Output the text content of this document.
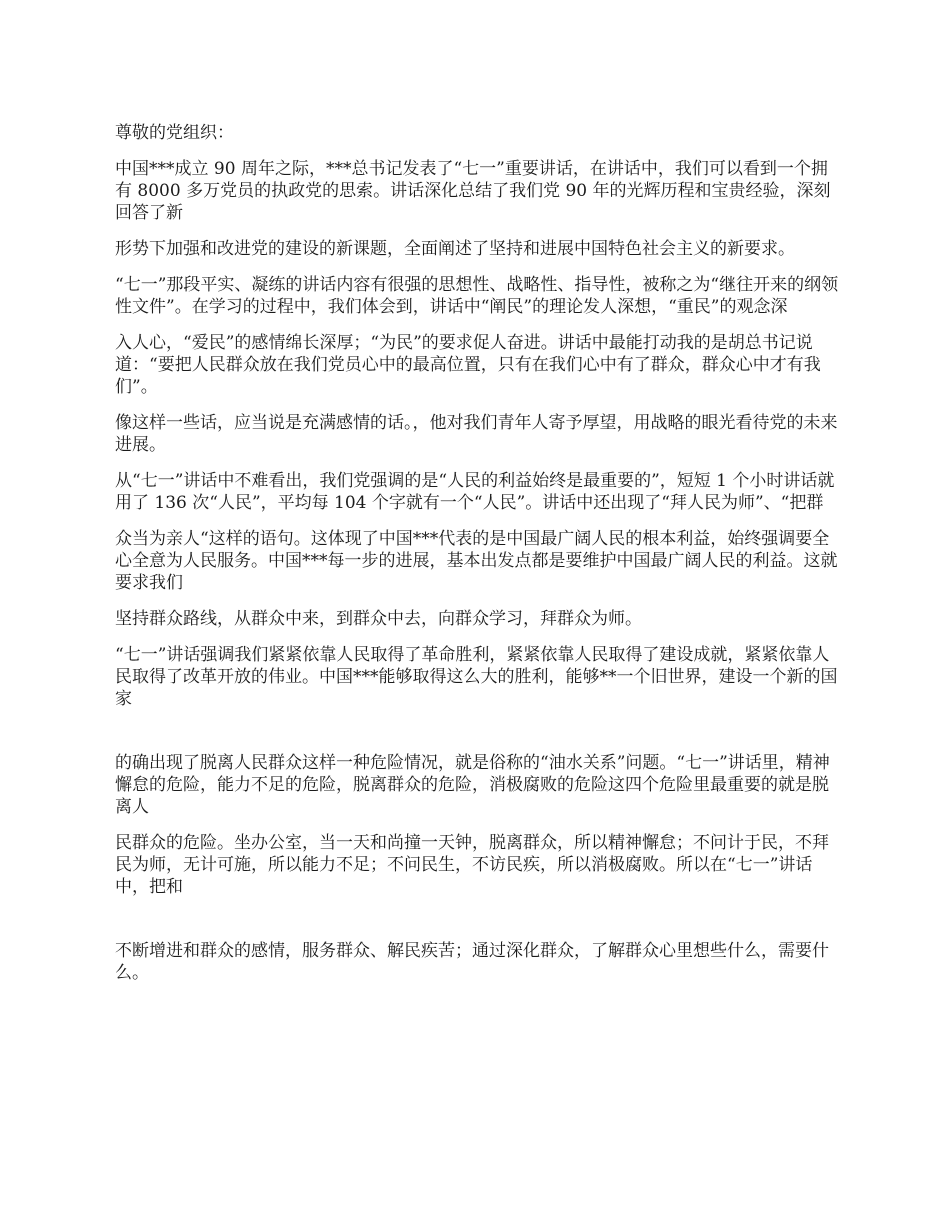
尊敬的党组织：

中国***成立 90 周年之际，***总书记发表了“七一”重要讲话，在讲话中，我们可以看到一个拥有 8000 多万党员的执政党的思索。讲话深化总结了我们党 90 年的光辉历程和宝贵经验，深刻回答了新

形势下加强和改进党的建设的新课题，全面阐述了坚持和进展中国特色社会主义的新要求。

“七一”那段平实、凝练的讲话内容有很强的思想性、战略性、指导性，被称之为“继往开来的纲领性文件”。在学习的过程中，我们体会到，讲话中“阐民”的理论发人深想，“重民”的观念深

入人心，“爱民”的感情绵长深厚；“为民”的要求促人奋进。讲话中最能打动我的是胡总书记说道：“要把人民群众放在我们党员心中的最高位置，只有在我们心中有了群众，群众心中才有我们”。

像这样一些话，应当说是充满感情的话。，他对我们青年人寄予厚望，用战略的眼光看待党的未来进展。

从“七一”讲话中不难看出，我们党强调的是“人民的利益始终是最重要的”，短短 1 个小时讲话就用了 136 次“人民”，平均每 104 个字就有一个“人民”。讲话中还出现了“拜人民为师”、“把群

众当为亲人“这样的语句。这体现了中国***代表的是中国最广阔人民的根本利益，始终强调要全心全意为人民服务。中国***每一步的进展，基本出发点都是要维护中国最广阔人民的利益。这就要求我们

坚持群众路线，从群众中来，到群众中去，向群众学习，拜群众为师。

“七一”讲话强调我们紧紧依靠人民取得了革命胜利，紧紧依靠人民取得了建设成就，紧紧依靠人民取得了改革开放的伟业。中国***能够取得这么大的胜利，能够**一个旧世界，建设一个新的国家

的确出现了脱离人民群众这样一种危险情况，就是俗称的“油水关系”问题。“七一”讲话里，精神懈怠的危险，能力不足的危险，脱离群众的危险，消极腐败的危险这四个危险里最重要的就是脱离人

民群众的危险。坐办公室，当一天和尚撞一天钟，脱离群众，所以精神懈怠；不问计于民，不拜民为师，无计可施，所以能力不足；不问民生，不访民疾，所以消极腐败。所以在“七一”讲话中，把和

不断增进和群众的感情，服务群众、解民疾苦；通过深化群众，了解群众心里想些什么，需要什么。
